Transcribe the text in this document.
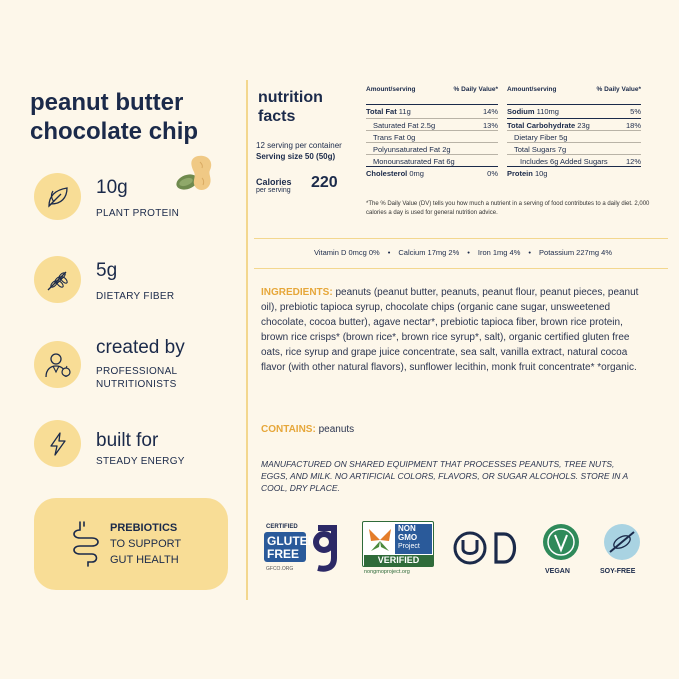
peanut butter
chocolate chip
10g
PLANT PROTEIN
5g
DIETARY FIBER
created by
PROFESSIONAL
NUTRITIONISTS
built for
STEADY ENERGY
PREBIOTICS
TO SUPPORT
GUT HEALTH
nutrition
facts
12 serving per container
Serving size 50 (50g)
Calories
per serving 220
Amount/serving	% Daily Value*
Total Fat 11g	14%
Saturated Fat 2.5g	13%
Trans Fat 0g
Polyunsaturated Fat 2g
Monounsaturated Fat 6g
Cholesterol 0mg	0%
Amount/serving	% Daily Value*
Sodium 110mg	5%
Total Carbohydrate 23g	18%
Dietary Fiber 5g
Total Sugars 7g
Includes 6g Added Sugars 12%
Protein 10g
*The % Daily Value (DV) tells you how much a nutrient in a serving of food contributes to a daily diet. 2,000 calories a day is used for general nutrition advice.
Vitamin D 0mcg 0% • Calcium 17mg 2% • Iron 1mg 4% • Potassium 227mg 4%
INGREDIENTS: peanuts (peanut butter, peanuts, peanut flour, peanut pieces, peanut oil), prebiotic tapioca syrup, chocolate chips (organic cane sugar, unsweetened chocolate, cocoa butter), agave nectar*, prebiotic tapioca fiber, brown rice protein, brown rice crisps* (brown rice*, brown rice syrup*, salt), organic certified gluten free oats, rice syrup and grape juice concentrate, sea salt, vanilla extract, natural cocoa flavor (with other natural flavors), sunflower lecithin, monk fruit concentrate* *organic.
CONTAINS: peanuts
MANUFACTURED ON SHARED EQUIPMENT THAT PROCESSES PEANUTS, TREE NUTS, EGGS, AND MILK. NO ARTIFICIAL COLORS, FLAVORS, OR SUGAR ALCOHOLS. STORE IN A COOL, DRY PLACE.
CERTIFIED
GLUTEN
FREE
GFCO.ORG
NON
GMO
Project
VERIFIED
nongmoproject.org	VEGAN	SOY-FREE
